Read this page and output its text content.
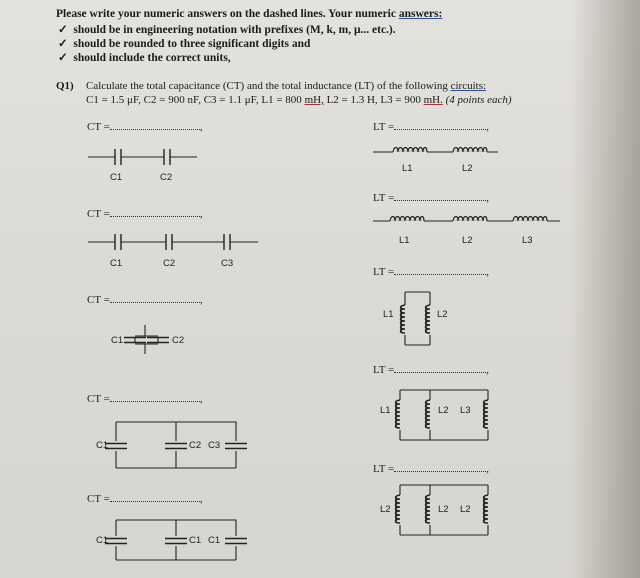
Please write your numeric answers on the dashed lines. Your numeric answers:
✓ should be in engineering notation with prefixes (M, k, m, μ... etc.).
✓ should be rounded to three significant digits and
✓ should include the correct units,
Q1) Calculate the total capacitance (CT) and the total inductance (LT) of the following circuits:
C1 = 1.5 μF, C2 = 900 nF, C3 = 1.1 μF, L1 = 800 mH, L2 = 1.3 H, L3 = 900 mH. (4 points each)
CT =	,
CT =	,
CT =	,
CT =	,
CT =	,
LT =	,
LT =	,
LT =	,
LT =	,
LT =	,
C1	C2
C1	C2	C3
C1	C2
C1	C2 C3
C1	C1 C1
L1	L2
L1	L2	L3
L1	L2
L1	L2 L3
L2	L2 L2
